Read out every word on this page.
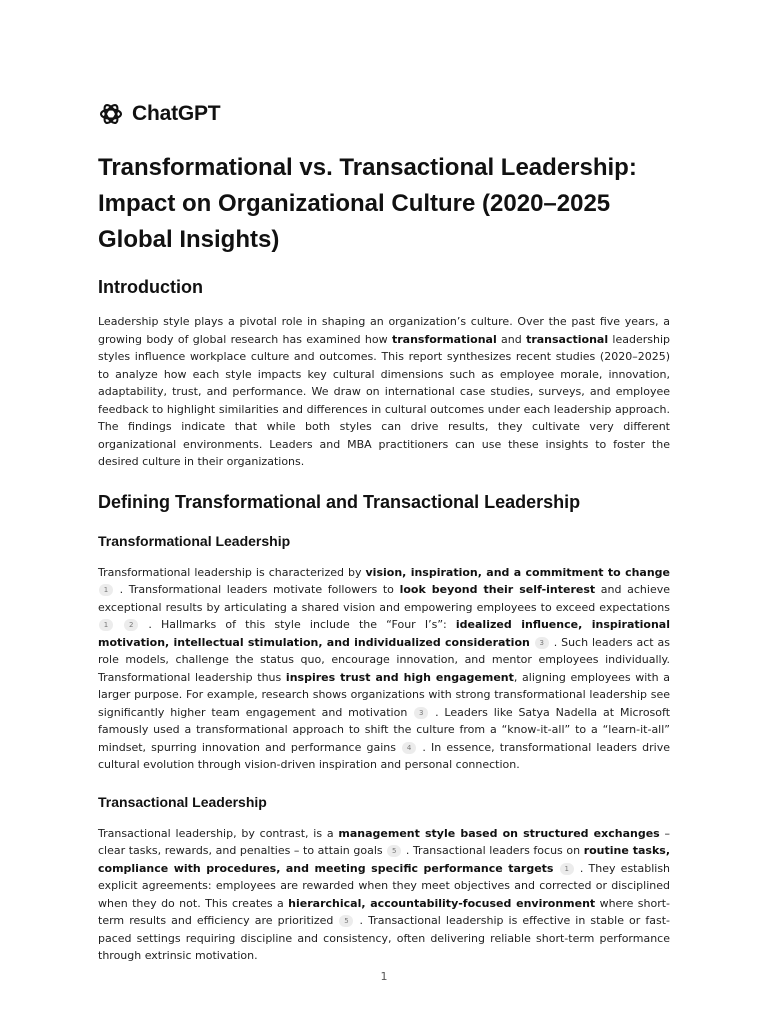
ChatGPT
Transformational vs. Transactional Leadership: Impact on Organizational Culture (2020–2025 Global Insights)
Introduction

Leadership style plays a pivotal role in shaping an organization’s culture. Over the past five years, a growing body of global research has examined how transformational and transactional leadership styles influence workplace culture and outcomes. This report synthesizes recent studies (2020–2025) to analyze how each style impacts key cultural dimensions such as employee morale, innovation, adaptability, trust, and performance. We draw on international case studies, surveys, and employee feedback to highlight similarities and differences in cultural outcomes under each leadership approach. The findings indicate that while both styles can drive results, they cultivate very different organizational environments. Leaders and MBA practitioners can use these insights to foster the desired culture in their organizations.

Defining Transformational and Transactional Leadership
Transformational Leadership

Transformational leadership is characterized by vision, inspiration, and a commitment to change 1 . Transformational leaders motivate followers to look beyond their self-interest and achieve exceptional results by articulating a shared vision and empowering employees to exceed expectations 1	2 . Hallmarks of this style include the “Four I’s”: idealized influence, inspirational motivation, intellectual stimulation, and individualized consideration 3 . Such leaders act as role models, challenge the status quo, encourage innovation, and mentor employees individually. Transformational leadership thus inspires trust and high engagement, aligning employees with a larger purpose. For example, research shows organizations with strong transformational leadership see significantly higher team engagement and motivation 3 . Leaders like Satya Nadella at Microsoft famously used a transformational approach to shift the culture from a “know-it-all” to a “learn-it-all” mindset, spurring innovation and performance gains 4 . In essence, transformational leaders drive cultural evolution through vision-driven inspiration and personal connection.

Transactional Leadership

Transactional leadership, by contrast, is a management style based on structured exchanges – clear tasks, rewards, and penalties – to attain goals 5 . Transactional leaders focus on routine tasks, compliance with procedures, and meeting specific performance targets 1 . They establish explicit agreements: employees are rewarded when they meet objectives and corrected or disciplined when they do not. This creates a hierarchical, accountability-focused environment where short-term results and efficiency are prioritized 5 . Transactional leadership is effective in stable or fast-paced settings requiring discipline and consistency, often delivering reliable short-term performance through extrinsic motivation.

1
